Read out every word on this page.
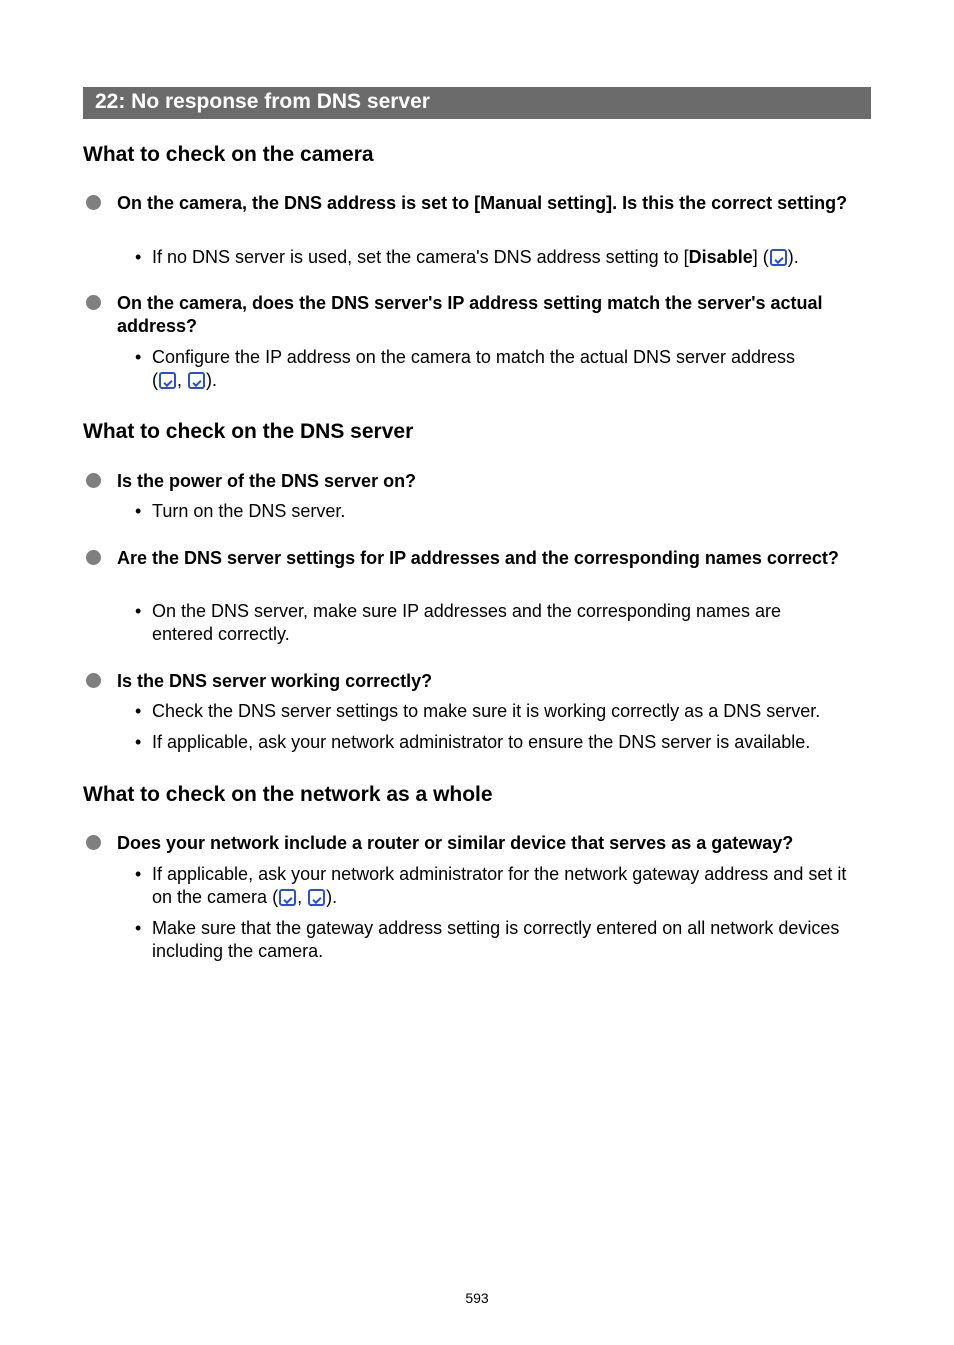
22: No response from DNS server
What to check on the camera
On the camera, the DNS address is set to [Manual setting]. Is this the correct setting?
• If no DNS server is used, set the camera's DNS address setting to [Disable] ( ).
On the camera, does the DNS server's IP address setting match the server's actual address?
• Configure the IP address on the camera to match the actual DNS server address
( , ).
What to check on the DNS server
Is the power of the DNS server on?
• Turn on the DNS server.
Are the DNS server settings for IP addresses and the corresponding names correct?
• On the DNS server, make sure IP addresses and the corresponding names are entered correctly.
Is the DNS server working correctly?
• Check the DNS server settings to make sure it is working correctly as a DNS server.
• If applicable, ask your network administrator to ensure the DNS server is available.
What to check on the network as a whole
Does your network include a router or similar device that serves as a gateway?
• If applicable, ask your network administrator for the network gateway address and set it on the camera ( , ).
• Make sure that the gateway address setting is correctly entered on all network devices including the camera.
593
